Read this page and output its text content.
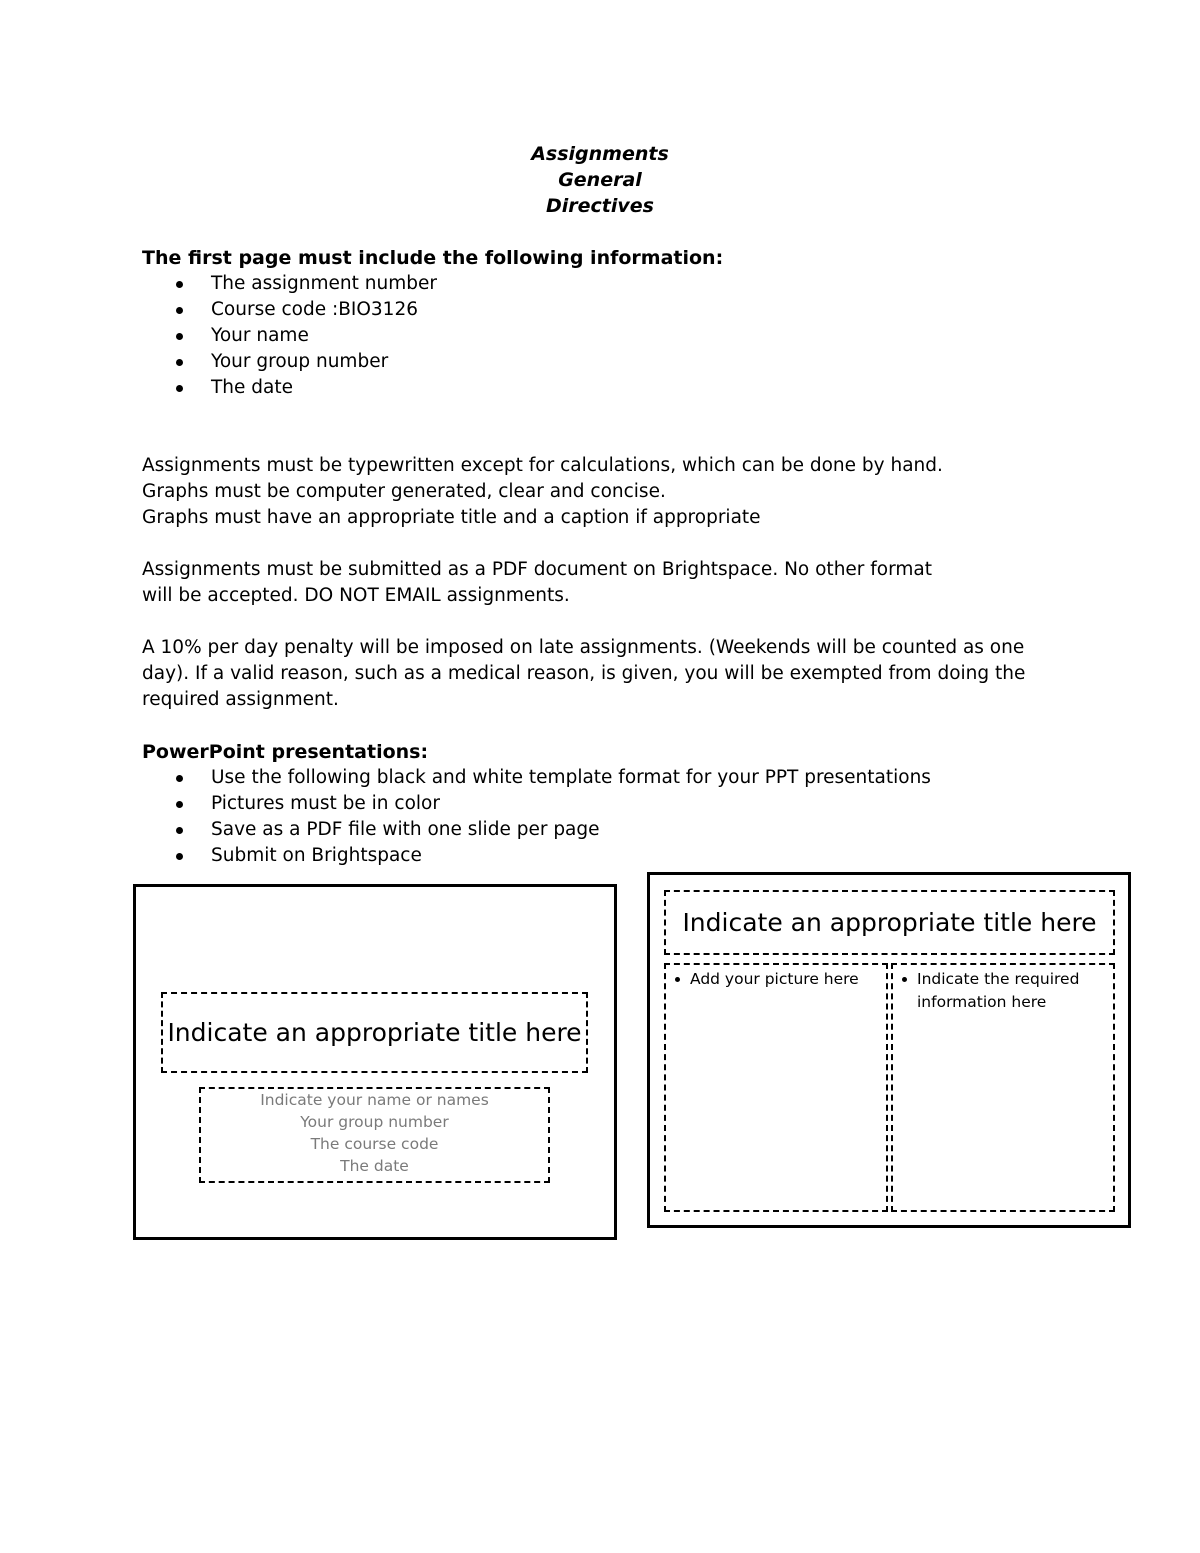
Assignments
General
Directives
The first page must include the following information:
The assignment number
Course code :BIO3126
Your name
Your group number
The date
Assignments must be typewritten except for calculations, which can be done by hand.
Graphs must be computer generated, clear and concise.
Graphs must have an appropriate title and a caption if appropriate
Assignments must be submitted as a PDF document on Brightspace. No other format
will be accepted. DO NOT EMAIL assignments.
A 10% per day penalty will be imposed on late assignments. (Weekends will be counted as one
day). If a valid reason, such as a medical reason, is given, you will be exempted from doing the
required assignment.
PowerPoint presentations:
Use the following black and white template format for your PPT presentations
Pictures must be in color
Save as a PDF file with one slide per page
Submit on Brightspace
Indicate an appropriate title here
Indicate your name or names
Your group number
The course code
The date
Indicate an appropriate title here
Add your picture here	Indicate the required
information here
